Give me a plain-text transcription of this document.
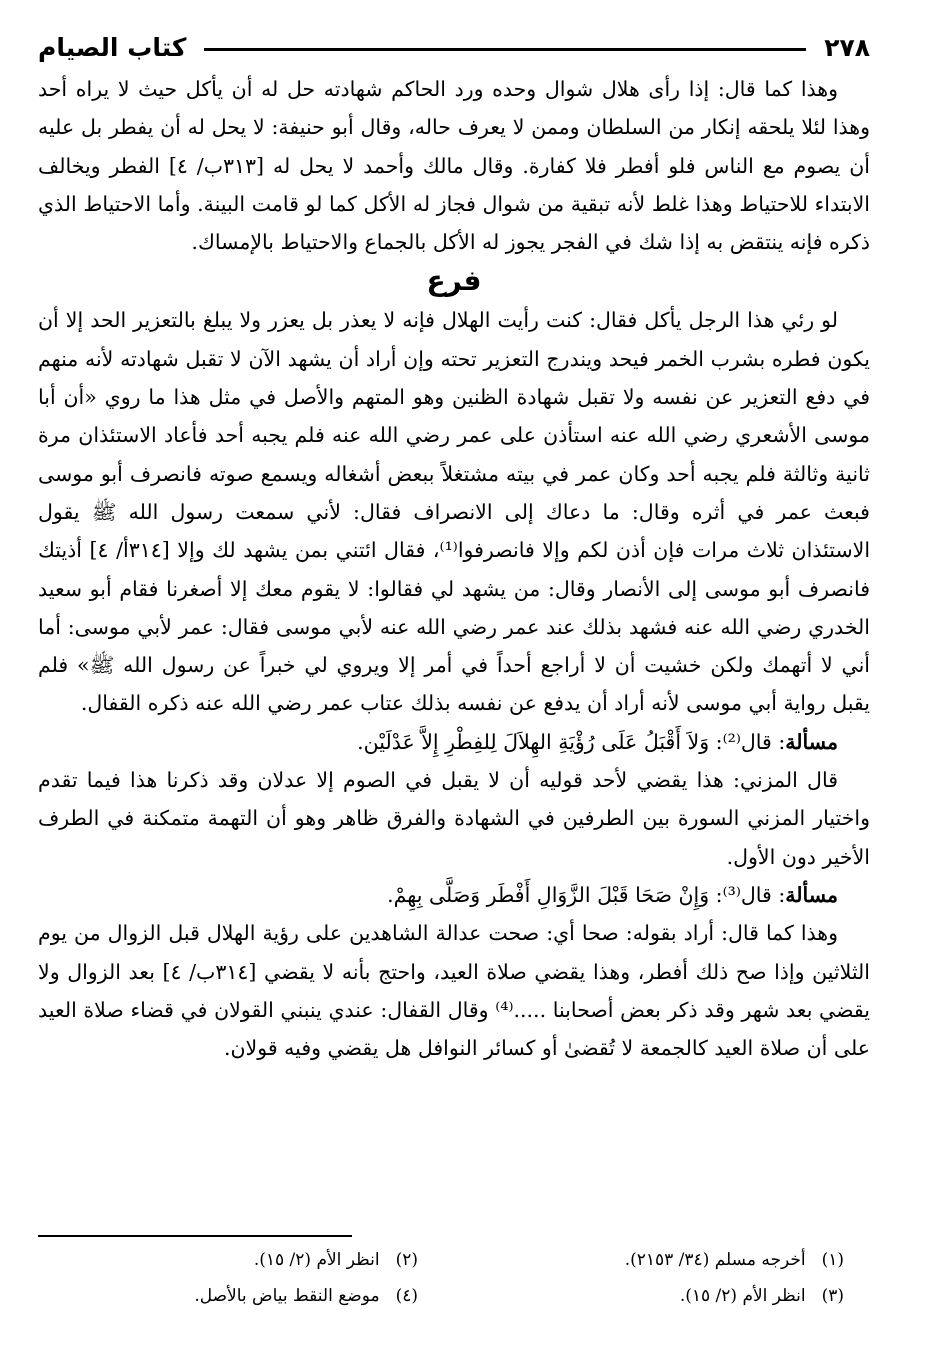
٢٧٨
كتاب الصيام

وهذا كما قال: إذا رأى هلال شوال وحده ورد الحاكم شهادته حل له أن يأكل حيث لا يراه أحد وهذا لئلا يلحقه إنكار من السلطان وممن لا يعرف حاله، وقال أبو حنيفة: لا يحل له أن يفطر بل عليه أن يصوم مع الناس فلو أفطر فلا كفارة. وقال مالك وأحمد لا يحل له [٣١٣ب/ ٤] الفطر ويخالف الابتداء للاحتياط وهذا غلط لأنه تبقية من شوال فجاز له الأكل كما لو قامت البينة. وأما الاحتياط الذي ذكره فإنه ينتقض به إذا شك في الفجر يجوز له الأكل بالجماع والاحتياط بالإمساك.

فرع

لو رئي هذا الرجل يأكل فقال: كنت رأيت الهلال فإنه لا يعذر بل يعزر ولا يبلغ بالتعزير الحد إلا أن يكون فطره بشرب الخمر فيحد ويندرج التعزير تحته وإن أراد أن يشهد الآن لا تقبل شهادته لأنه منهم في دفع التعزير عن نفسه ولا تقبل شهادة الظنين وهو المتهم والأصل في مثل هذا ما روي «أن أبا موسى الأشعري رضي الله عنه استأذن على عمر رضي الله عنه فلم يجبه أحد فأعاد الاستئذان مرة ثانية وثالثة فلم يجبه أحد وكان عمر في بيته مشتغلاً ببعض أشغاله ويسمع صوته فانصرف أبو موسى فبعث عمر في أثره وقال: ما دعاك إلى الانصراف فقال: لأني سمعت رسول الله ﷺ يقول الاستئذان ثلاث مرات فإن أذن لكم وإلا فانصرفوا⁽¹⁾، فقال ائتني بمن يشهد لك وإلا [٣١٤أ/ ٤] أذيتك فانصرف أبو موسى إلى الأنصار وقال: من يشهد لي فقالوا: لا يقوم معك إلا أصغرنا فقام أبو سعيد الخدري رضي الله عنه فشهد بذلك عند عمر رضي الله عنه لأبي موسى فقال: عمر لأبي موسى: أما أني لا أتهمك ولكن خشيت أن لا أراجع أحداً في أمر إلا ويروي لي خبراً عن رسول الله ﷺ» فلم يقبل رواية أبي موسى لأنه أراد أن يدفع عن نفسه بذلك عتاب عمر رضي الله عنه ذكره القفال.

مسألة: قال⁽²⁾: وَلاَ أَقْبَلُ عَلَى رُؤْيَةِ الهِلاَلَ لِلفِطْرِ إِلاَّ عَدْلَيْن.

قال المزني: هذا يقضي لأحد قوليه أن لا يقبل في الصوم إلا عدلان وقد ذكرنا هذا فيما تقدم واختيار المزني السورة بين الطرفين في الشهادة والفرق ظاهر وهو أن التهمة متمكنة في الطرف الأخير دون الأول.

مسألة: قال⁽³⁾: وَإِنْ صَحَا قَبْلَ الزَّوَالِ أَفْطَر وَصَلَّى بِهِمْ.

وهذا كما قال: أراد بقوله: صحا أي: صحت عدالة الشاهدين على رؤية الهلال قبل الزوال من يوم الثلاثين وإذا صح ذلك أفطر، وهذا يقضي صلاة العيد، واحتج بأنه لا يقضي [٣١٤ب/ ٤] بعد الزوال ولا يقضي بعد شهر وقد ذكر بعض أصحابنا .....⁽⁴⁾ وقال القفال: عندي ينبني القولان في قضاء صلاة العيد على أن صلاة العيد كالجمعة لا تُقضىٰ أو كسائر النوافل هل يقضي وفيه قولان.

(١)
أخرجه مسلم (٣٤/ ٢١٥٣).
(٢)
انظر الأم (٢/ ١٥).
(٣)
انظر الأم (٢/ ١٥).
(٤)
موضع النقط بياض بالأصل.
